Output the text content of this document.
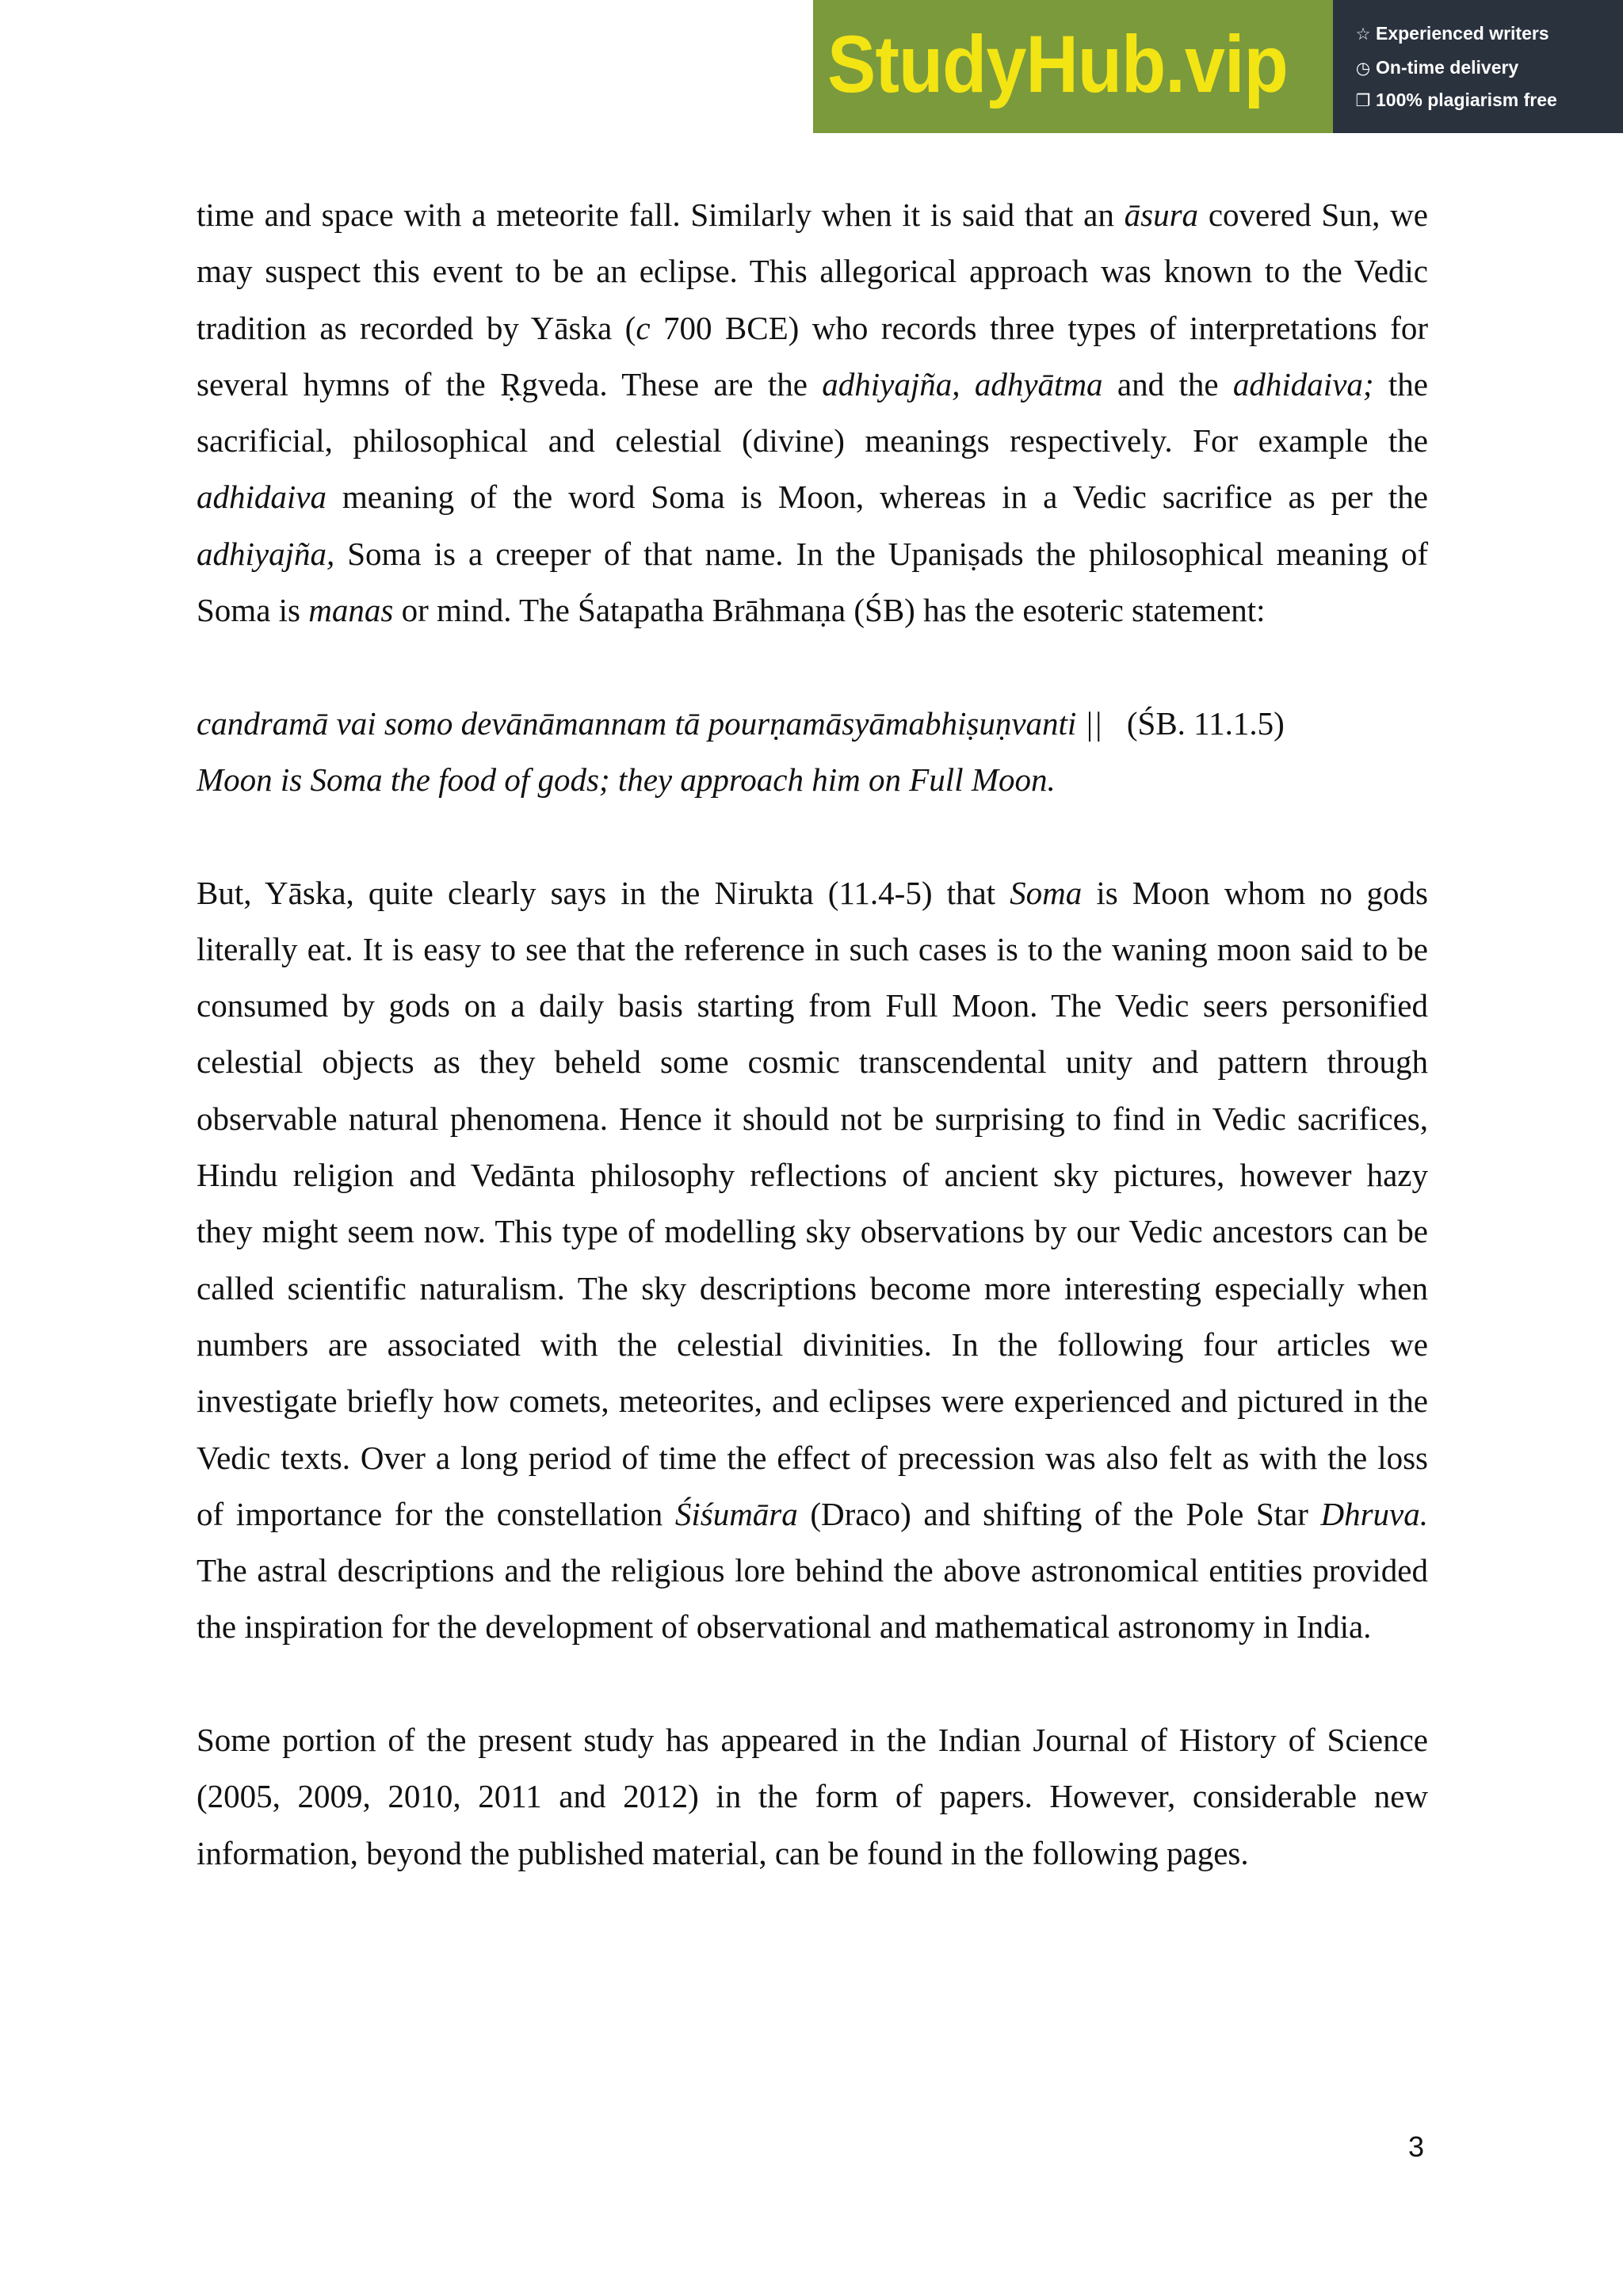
StudyHub.vip
☆	Experienced writers
◷On-time delivery
❐100% plagiarism free
time and space with a meteorite fall. Similarly when it is said that an āsura covered Sun, we
may suspect this event to be an eclipse. This allegorical approach was known to the Vedic
tradition as recorded by Yāska (c 700 BCE) who records three types of interpretations for
several hymns of the Ṛgveda. These are the adhiyajña, adhyātma and the adhidaiva; the
sacrificial, philosophical and celestial (divine) meanings respectively. For example the
adhidaiva meaning of the word Soma is Moon, whereas in a Vedic sacrifice as per the
adhiyajña, Soma is a creeper of that name. In the Upaniṣads the philosophical meaning of
Soma is manas or mind. The Śatapatha Brāhmaṇa (ŚB) has the esoteric statement:
candramā vai somo devānāmannam tā pourṇamāsyāmabhiṣuṇvanti ||   (ŚB. 11.1.5)
Moon is Soma the food of gods; they approach him on Full Moon.
But, Yāska, quite clearly says in the Nirukta (11.4-5) that Soma is Moon whom no gods
literally eat. It is easy to see that the reference in such cases is to the waning moon said to be
consumed by gods on a daily basis starting from Full Moon. The Vedic seers personified
celestial objects as they beheld some cosmic transcendental unity and pattern through
observable natural phenomena. Hence it should not be surprising to find in Vedic sacrifices,
Hindu religion and Vedānta philosophy reflections of ancient sky pictures, however hazy
they might seem now. This type of modelling sky observations by our Vedic ancestors can be
called scientific naturalism. The sky descriptions become more interesting especially when
numbers are associated with the celestial divinities. In the following four articles we
investigate briefly how comets, meteorites, and eclipses were experienced and pictured in the
Vedic texts. Over a long period of time the effect of precession was also felt as with the loss
of importance for the constellation Śiśumāra (Draco) and shifting of the Pole Star Dhruva.
The astral descriptions and the religious lore behind the above astronomical entities provided
the inspiration for the development of observational and mathematical astronomy in India.
Some portion of the present study has appeared in the Indian Journal of History of Science
(2005, 2009, 2010, 2011 and 2012) in the form of papers. However, considerable new
information, beyond the published material, can be found in the following pages.
3
